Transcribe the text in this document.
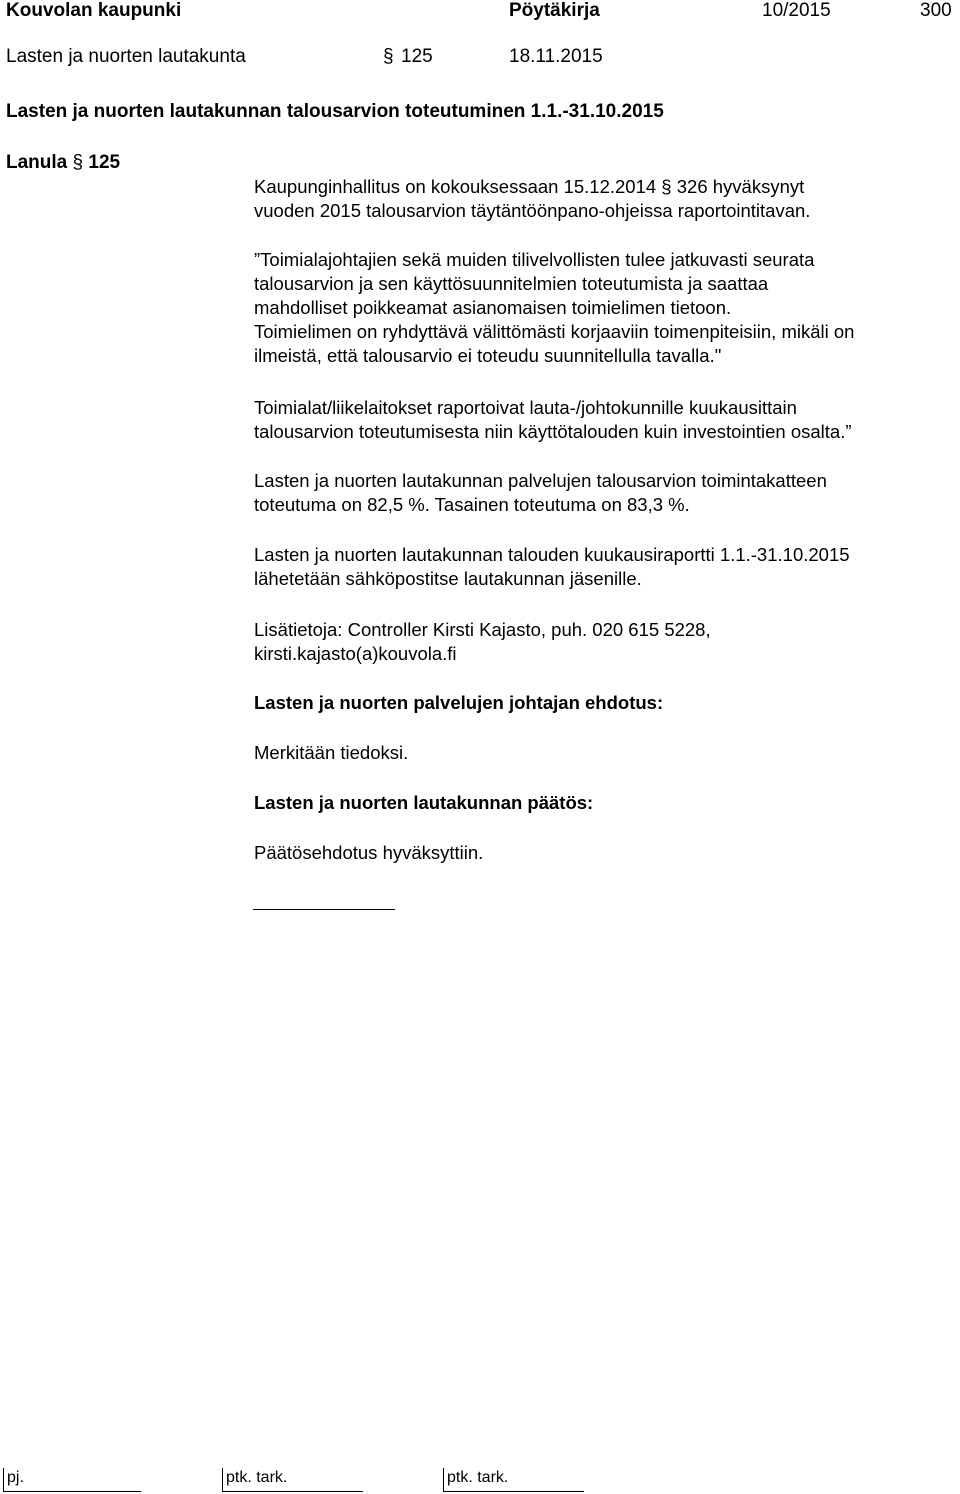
Kouvolan kaupunki	Pöytäkirja	10/2015	300
Lasten ja nuorten lautakunta	§ 125	18.11.2015
Lasten ja nuorten lautakunnan talousarvion toteutuminen 1.1.-31.10.2015
Lanula § 125
Kaupunginhallitus on kokouksessaan 15.12.2014 § 326 hyväksynyt
vuoden 2015 talousarvion täytäntöönpano-ohjeissa raportointitavan.
”Toimialajohtajien sekä muiden tilivelvollisten tulee jatkuvasti seurata
talousarvion ja sen käyttösuunnitelmien toteutumista ja saattaa
mahdolliset poikkeamat asianomaisen toimielimen tietoon.
Toimielimen on ryhdyttävä välittömästi korjaaviin toimenpiteisiin, mikäli on
ilmeistä, että talousarvio ei toteudu suunnitellulla tavalla."
Toimialat/liikelaitokset raportoivat lauta-/johtokunnille kuukausittain
talousarvion toteutumisesta niin käyttötalouden kuin investointien osalta.”
Lasten ja nuorten lautakunnan palvelujen talousarvion toimintakatteen
toteutuma on 82,5 %. Tasainen toteutuma on 83,3 %.
Lasten ja nuorten lautakunnan talouden kuukausiraportti 1.1.-31.10.2015
lähetetään sähköpostitse lautakunnan jäsenille.
Lisätietoja: Controller Kirsti Kajasto, puh. 020 615 5228,
kirsti.kajasto(a)kouvola.fi
Lasten ja nuorten palvelujen johtajan ehdotus:
Merkitään tiedoksi.
Lasten ja nuorten lautakunnan päätös:
Päätösehdotus hyväksyttiin.
pj.	ptk. tark.	ptk. tark.
